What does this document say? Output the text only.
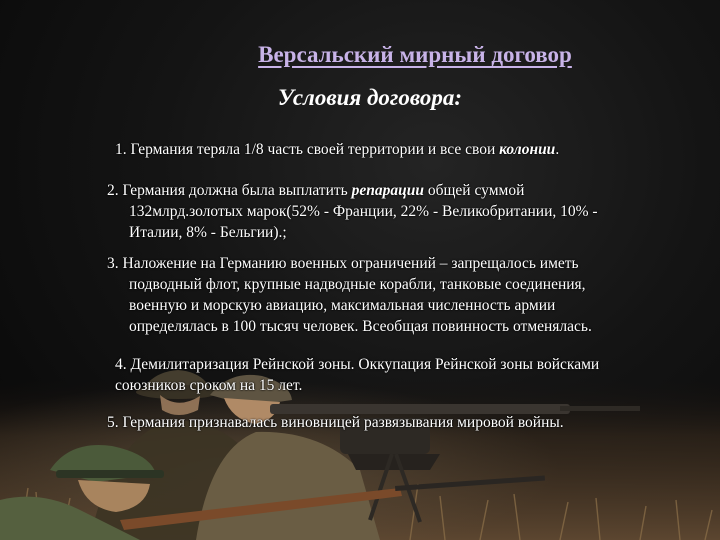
Версальский мирный договор
Условия договора:
1. Германия теряла 1/8 часть своей территории и все свои колонии.
2. Германия должна была выплатить репарации общей суммой
132млрд.золотых марок(52% - Франции, 22% - Великобритании, 10% -
Италии, 8% - Бельгии).;
3. Наложение на Германию военных ограничений – запрещалось иметь
подводный флот, крупные надводные корабли, танковые соединения,
военную и морскую авиацию, максимальная численность армии
определялась в 100 тысяч человек. Всеобщая повинность отменялась.
4. Демилитаризация Рейнской зоны. Оккупация Рейнской зоны войсками
союзников сроком на 15 лет.
5. Германия признавалась виновницей развязывания мировой войны.
